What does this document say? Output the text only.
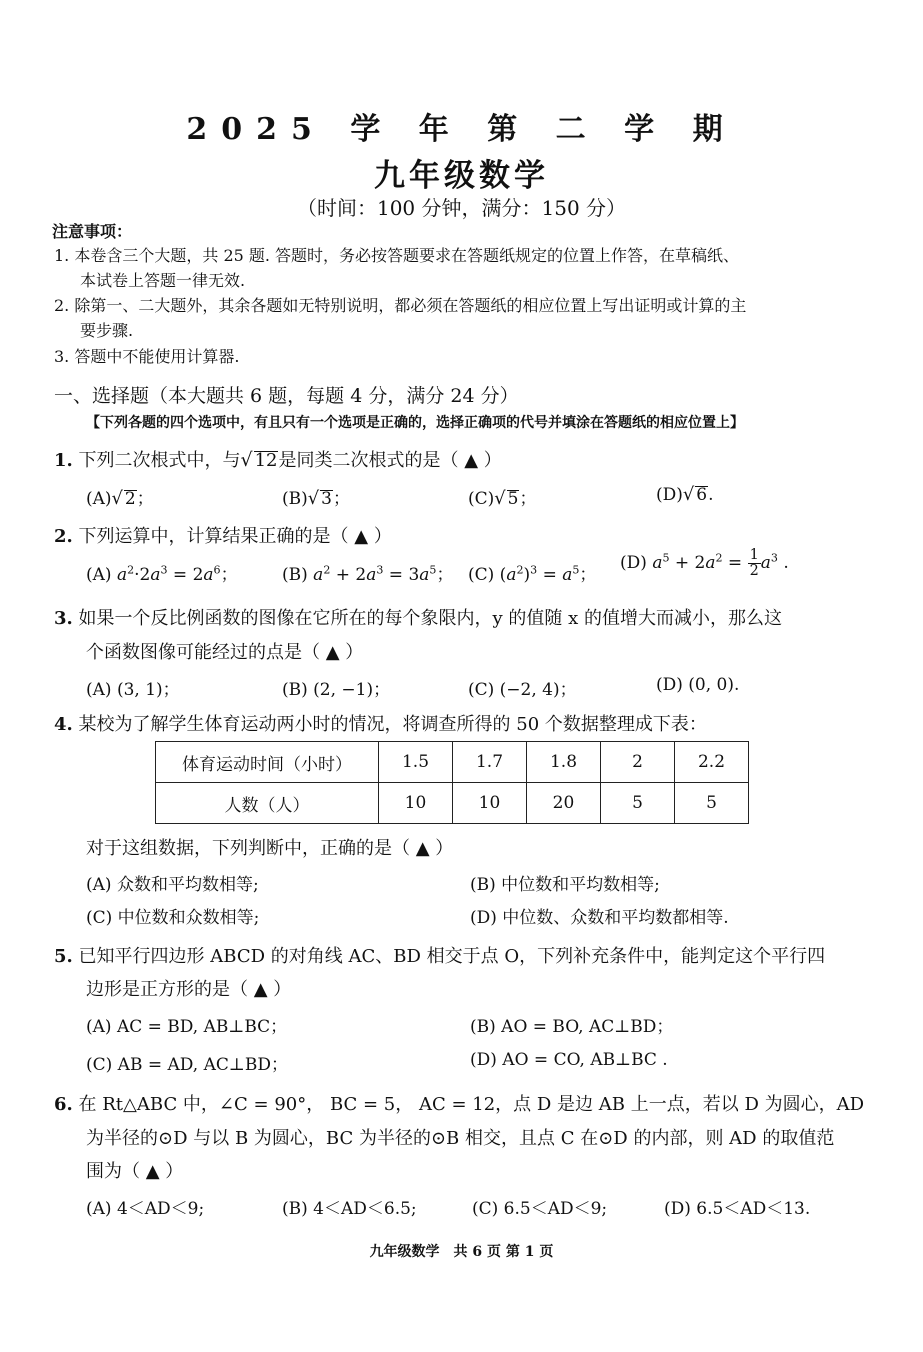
2025 学 年 第 二 学 期
九年级数学
（时间：100 分钟，满分：150 分）
注意事项：
1. 本卷含三个大题，共 25 题. 答题时，务必按答题要求在答题纸规定的位置上作答，在草稿纸、
本试卷上答题一律无效.
2. 除第一、二大题外，其余各题如无特别说明，都必须在答题纸的相应位置上写出证明或计算的主
要步骤.
3. 答题中不能使用计算器.
一、选择题（本大题共 6 题，每题 4 分，满分 24 分）
【下列各题的四个选项中，有且只有一个选项是正确的，选择正确项的代号并填涂在答题纸的相应位置上】
1. 下列二次根式中，与√ 12是同类二次根式的是（ ▲ ）
(A)√ 2；	(B)√ 3；	(C)√ 5；	(D)√ 6.
2. 下列运算中，计算结果正确的是（ ▲ ）
(A) $a^2\cdot 2a^3 = 2a^6$；	(B) $a^2 + 2a^3 = 3a^5$； (C) $(a^2)^3 = a^5$；
(D) $a^5 + 2a^2 = \frac{1}{2} a^3$ .
3. 如果一个反比例函数的图像在它所在的每个象限内，y 的值随 x 的值增大而减小，那么这
个函数图像可能经过的点是（ ▲ ）
(A) (3, 1)；	(B) (2, −1)；	(C) (−2, 4)；	(D) (0, 0).
4. 某校为了解学生体育运动两小时的情况，将调查所得的 50 个数据整理成下表：
体育运动时间（小时）	1.5	1.7	1.8	2	2.2
人数（人）	10	10	20	5	5
对于这组数据，下列判断中，正确的是（ ▲ ）
(A) 众数和平均数相等;	(B) 中位数和平均数相等;
(C) 中位数和众数相等;	(D) 中位数、众数和平均数都相等.
5. 已知平行四边形 ABCD 的对角线 AC、BD 相交于点 O，下列补充条件中，能判定这个平行四
边形是正方形的是（ ▲ ）
(A) AC = BD, AB⊥BC；	(B) AO = BO, AC⊥BD；
(C) AB = AD, AC⊥BD；	(D) AO = CO, AB⊥BC .
6. 在 Rt△ABC 中，∠C = 90°， BC = 5， AC = 12，点 D 是边 AB 上一点，若以 D 为圆心，AD
为半径的⊙D 与以 B 为圆心，BC 为半径的⊙B 相交，且点 C 在⊙D 的内部，则 AD 的取值范
围为（ ▲ ）
(A) 4＜AD＜9;	(B) 4＜AD＜6.5;	(C) 6.5＜AD＜9;	(D) 6.5＜AD＜13.
九年级数学　共 6 页 第 1 页
